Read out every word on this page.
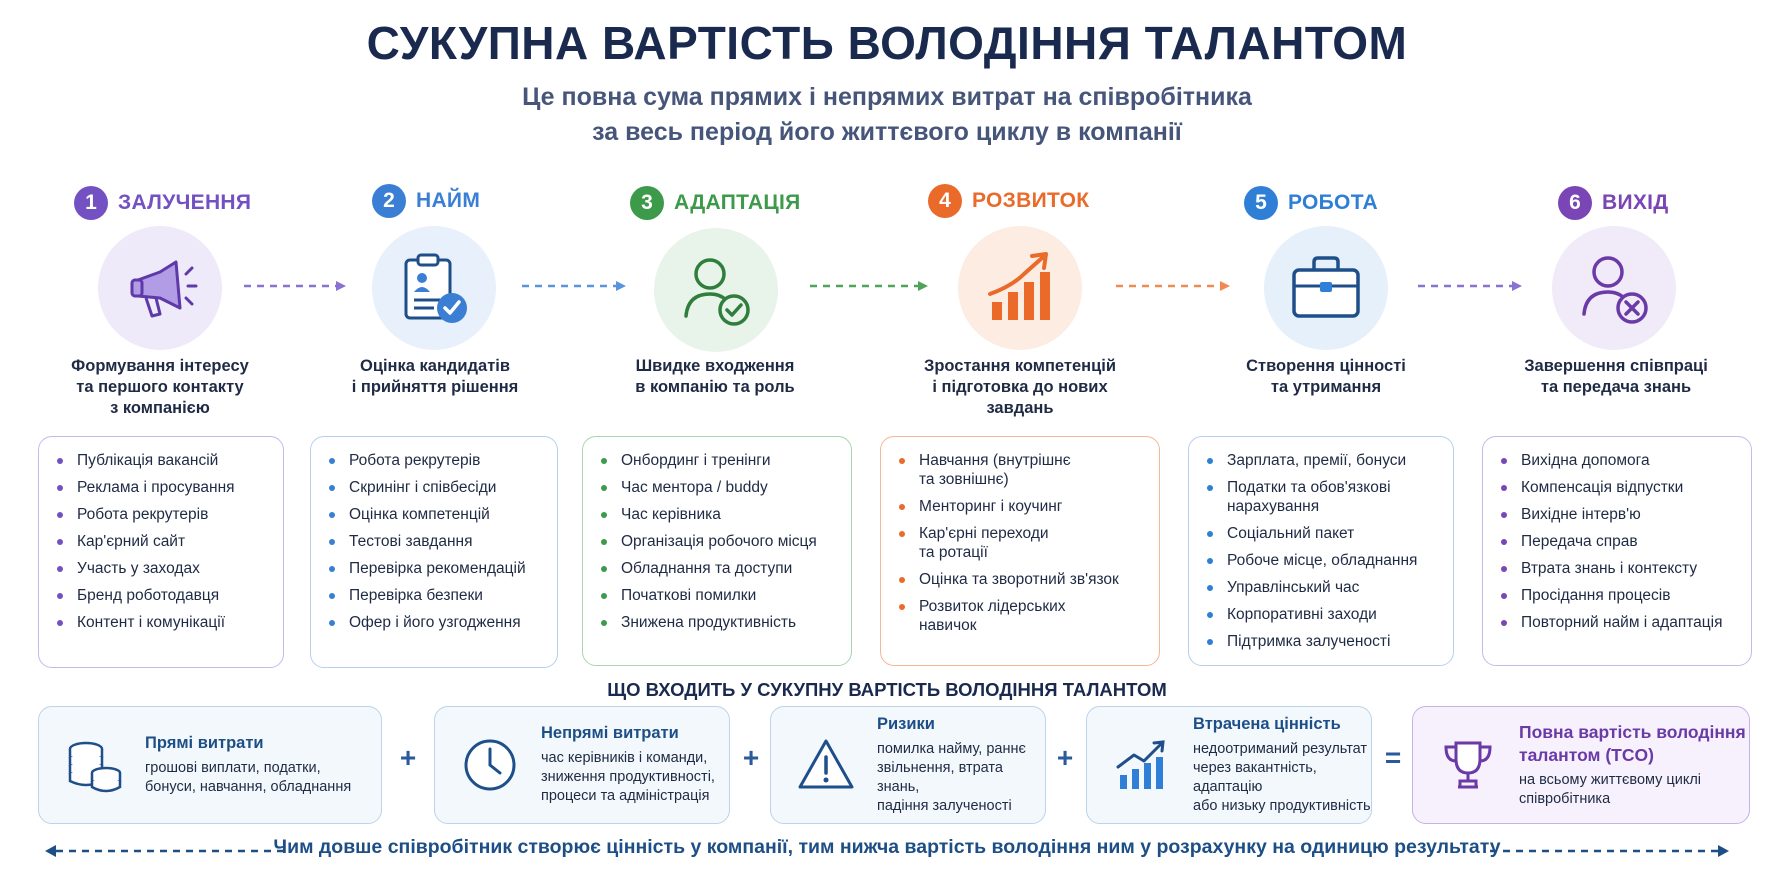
СУКУПНА ВАРТІСТЬ ВОЛОДІННЯ ТАЛАНТОМ
Це повна сума прямих і непрямих витрат на співробітника
за весь період його життєвого циклу в компанії
1	ЗАЛУЧЕННЯ
Формування інтересу
та першого контакту
з компанією
Публікація вакансій
Реклама і просування
Робота рекрутерів
Кар'єрний сайт
Участь у заходах
Бренд роботодавця
Контент і комунікації
2	НАЙМ
Оцінка кандидатів
і прийняття рішення
Робота рекрутерів
Скринінг і співбесіди
Оцінка компетенцій
Тестові завдання
Перевірка рекомендацій
Перевірка безпеки
Офер і його узгодження
3	АДАПТАЦІЯ
Швидке входження
в компанію та роль
Онбординг і тренінги
Час ментора / buddy
Час керівника
Організація робочого місця
Обладнання та доступи
Початкові помилки
Знижена продуктивність
4	РОЗВИТОК
Зростання компетенцій
і підготовка до нових
завдань
Навчання (внутрішнє
та зовнішнє)
Менторинг і коучинг
Кар'єрні переходи
та ротації
Оцінка та зворотний зв'язок
Розвиток лідерських
навичок
5	РОБОТА
Створення цінності
та утримання
Зарплата, премії, бонуси
Податки та обов'язкові
нарахування
Соціальний пакет
Робоче місце, обладнання
Управлінський час
Корпоративні заходи
Підтримка залученості
6	ВИХІД
Завершення співпраці
та передача знань
Вихідна допомога
Компенсація відпустки
Вихідне інтерв'ю
Передача справ
Втрата знань і контексту
Просідання процесів
Повторний найм і адаптація
ЩО ВХОДИТЬ У СУКУПНУ ВАРТІСТЬ ВОЛОДІННЯ ТАЛАНТОМ
Прямі витрати
грошові виплати, податки,
бонуси, навчання, обладнання
+
Непрямі витрати
час керівників і команди,
зниження продуктивності,
процеси та адміністрація
+
Ризики
помилка найму, раннє
звільнення, втрата знань,
падіння залученості
+
Втрачена цінність
недоотриманий результат
через вакантність, адаптацію
або низьку продуктивність
=
Повна вартість володіння
талантом (TCO)
на всьому життєвому циклі
співробітника
Чим довше співробітник створює цінність у компанії, тим нижча вартість володіння ним у розрахунку на одиницю результату
